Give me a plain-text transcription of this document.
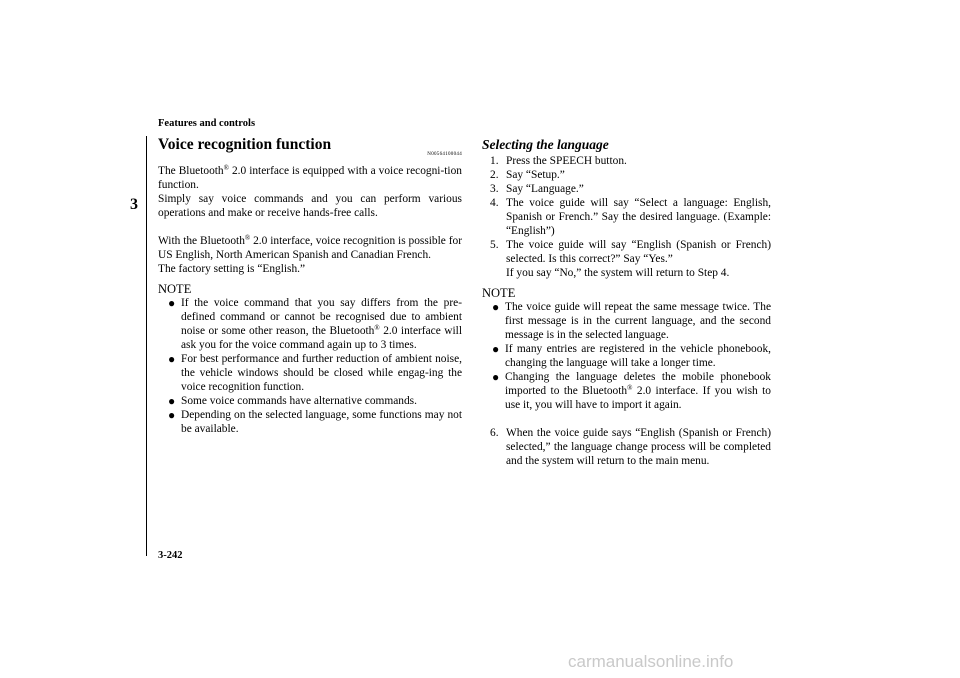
Features and controls
3
Voice recognition function
N00564100044

The Bluetooth® 2.0 interface is equipped with a voice recogni-tion function.

Simply say voice commands and you can perform various operations and make or receive hands-free calls.

With the Bluetooth® 2.0 interface, voice recognition is possible for US English, North American Spanish and Canadian French.

The factory setting is “English.”

NOTE
● If the voice command that you say differs from the pre-defined command or cannot be recognised due to ambient noise or some other reason, the Bluetooth® 2.0 interface will ask you for the voice command again up to 3 times.
● For best performance and further reduction of ambient noise, the vehicle windows should be closed while engag-ing the voice recognition function.
● Some voice commands have alternative commands.
● Depending on the selected language, some functions may not be available.
Selecting the language
1. Press the SPEECH button.
2. Say “Setup.”
3. Say “Language.”
4. The voice guide will say “Select a language: English, Spanish or French.” Say the desired language. (Example: “English”)
5. The voice guide will say “English (Spanish or French) selected. Is this correct?” Say “Yes.”
If you say “No,” the system will return to Step 4.
NOTE
● The voice guide will repeat the same message twice. The first message is in the current language, and the second message is in the selected language.
● If many entries are registered in the vehicle phonebook, changing the language will take a longer time.
● Changing the language deletes the mobile phonebook imported to the Bluetooth® 2.0 interface. If you wish to use it, you will have to import it again.
6. When the voice guide says “English (Spanish or French) selected,” the language change process will be completed and the system will return to the main menu.
3-242
carmanualsonline.info
